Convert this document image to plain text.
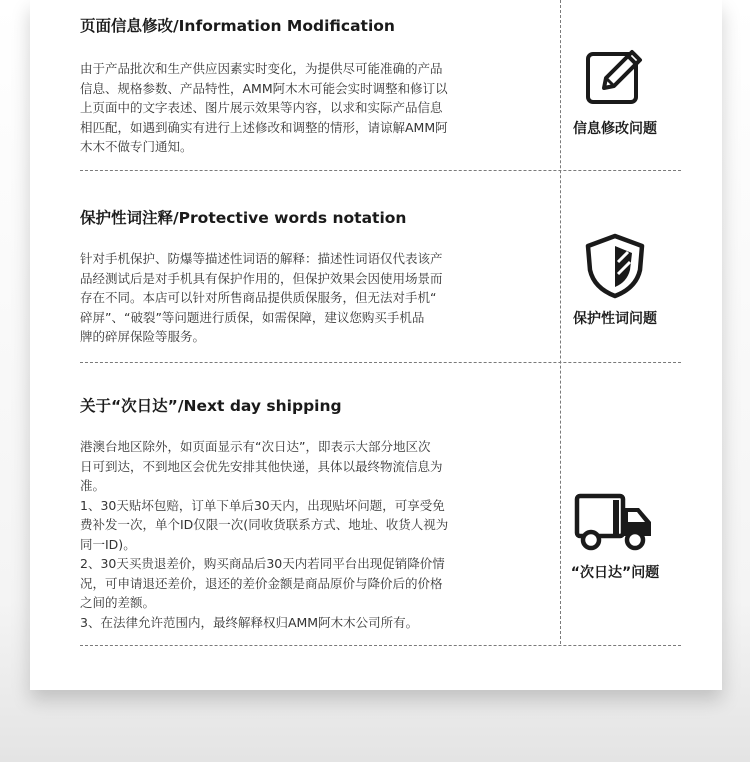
页面信息修改/Information Modification
由于产品批次和生产供应因素实时变化，为提供尽可能准确的产品
信息、规格参数、产品特性，AMM阿木木可能会实时调整和修订以
上页面中的文字表述、图片展示效果等内容，以求和实际产品信息
相匹配，如遇到确实有进行上述修改和调整的情形，请谅解AMM阿
木木不做专门通知。
信息修改问题
保护性词注释/Protective words notation
针对手机保护、防爆等描述性词语的解释：描述性词语仅代表该产
品经测试后是对手机具有保护作用的，但保护效果会因使用场景而
存在不同。本店可以针对所售商品提供质保服务，但无法对手机“
碎屏”、“破裂”等问题进行质保，如需保障，建议您购买手机品
牌的碎屏保险等服务。
保护性词问题
关于“次日达”/Next day shipping
港澳台地区除外，如页面显示有“次日达”，即表示大部分地区次
日可到达，不到地区会优先安排其他快递，具体以最终物流信息为
准。
1、30天贴坏包赔，订单下单后30天内，出现贴坏问题，可享受免
费补发一次，单个ID仅限一次(同收货联系方式、地址、收货人视为
同一ID)。
2、30天买贵退差价，购买商品后30天内若同平台出现促销降价情
况，可申请退还差价，退还的差价金额是商品原价与降价后的价格
之间的差额。
3、在法律允许范围内，最终解释权归AMM阿木木公司所有。
“次日达”问题
